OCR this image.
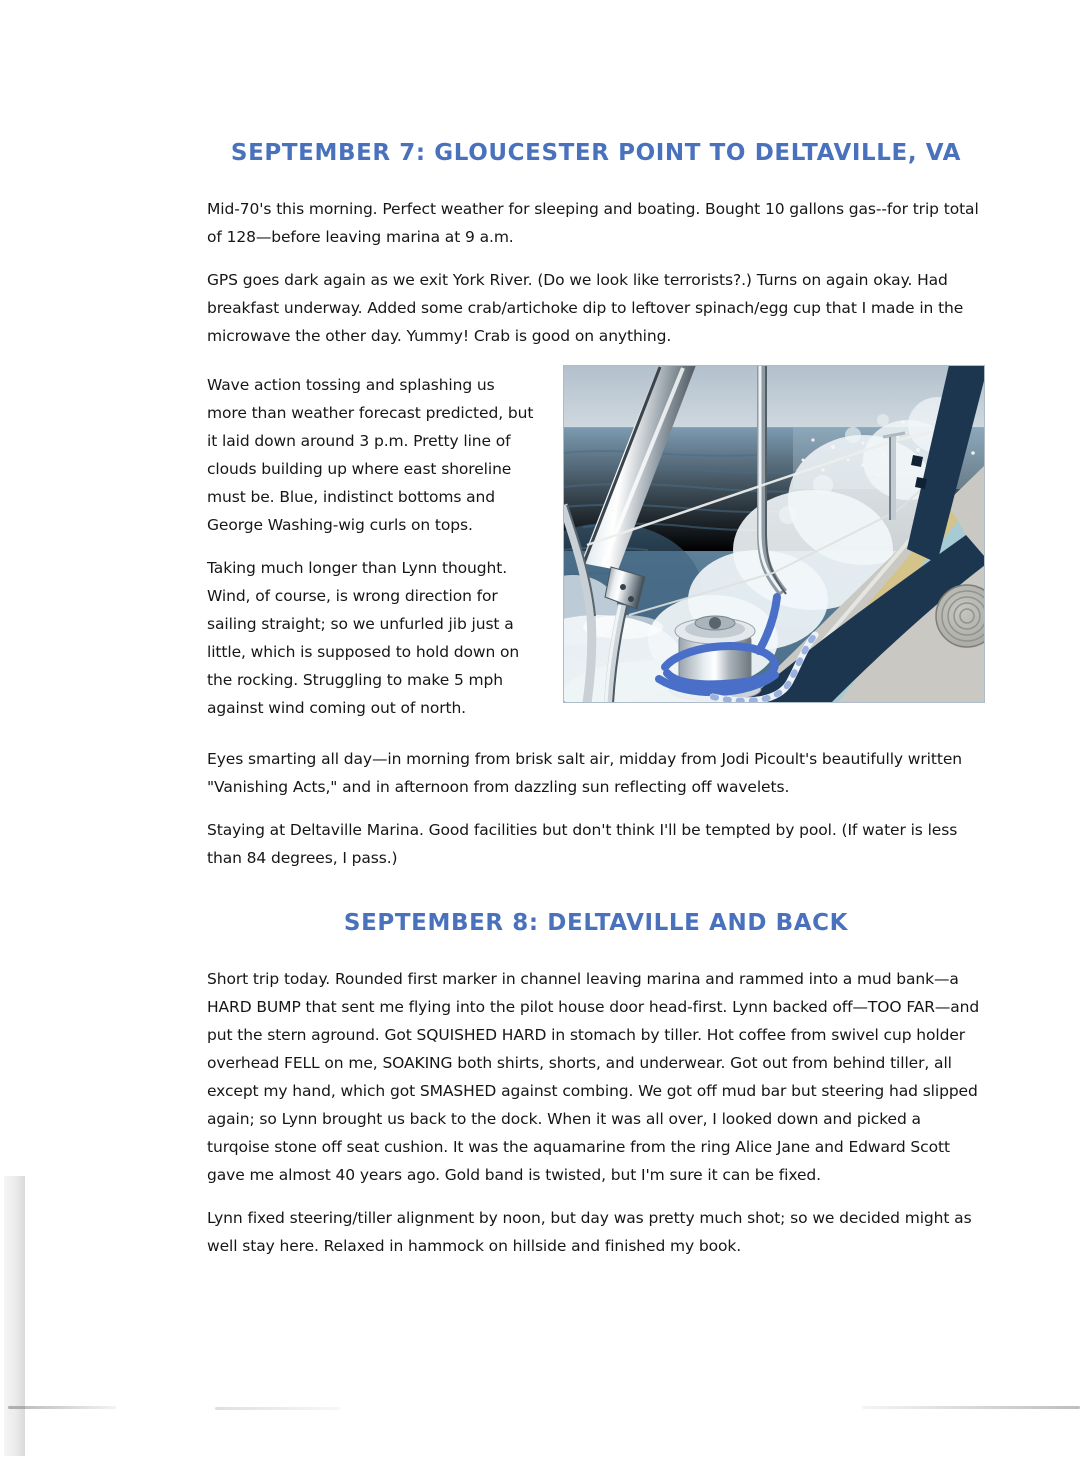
SEPTEMBER 7: GLOUCESTER POINT TO DELTAVILLE, VA

Mid-70's this morning. Perfect weather for sleeping and boating. Bought 10 gallons gas--for trip total of 128—before leaving marina at 9 a.m.

GPS goes dark again as we exit York River. (Do we look like terrorists?.) Turns on again okay. Had breakfast underway. Added some crab/artichoke dip to leftover spinach/egg cup that I made in the microwave the other day. Yummy! Crab is good on anything.

Wave action tossing and splashing us more than weather forecast predicted, but it laid down around 3 p.m. Pretty line of clouds building up where east shoreline must be. Blue, indistinct bottoms and George Washing-wig curls on tops.

Taking much longer than Lynn thought. Wind, of course, is wrong direction for sailing straight; so we unfurled jib just a little, which is supposed to hold down on the rocking. Struggling to make 5 mph against wind coming out of north.

Eyes smarting all day—in morning from brisk salt air, midday from Jodi Picoult's beautifully written "Vanishing Acts," and in afternoon from dazzling sun reflecting off wavelets.

Staying at Deltaville Marina. Good facilities but don't think I'll be tempted by pool. (If water is less than 84 degrees, I pass.)

SEPTEMBER 8: DELTAVILLE AND BACK

Short trip today. Rounded first marker in channel leaving marina and rammed into a mud bank—a HARD BUMP that sent me flying into the pilot house door head-first. Lynn backed off—TOO FAR—and put the stern aground. Got SQUISHED HARD in stomach by tiller. Hot coffee from swivel cup holder overhead FELL on me, SOAKING both shirts, shorts, and underwear. Got out from behind tiller, all except my hand, which got SMASHED against combing. We got off mud bar but steering had slipped again; so Lynn brought us back to the dock. When it was all over, I looked down and picked a turqoise stone off seat cushion. It was the aquamarine from the ring Alice Jane and Edward Scott gave me almost 40 years ago. Gold band is twisted, but I'm sure it can be fixed.

Lynn fixed steering/tiller alignment by noon, but day was pretty much shot; so we decided might as well stay here. Relaxed in hammock on hillside and finished my book.
